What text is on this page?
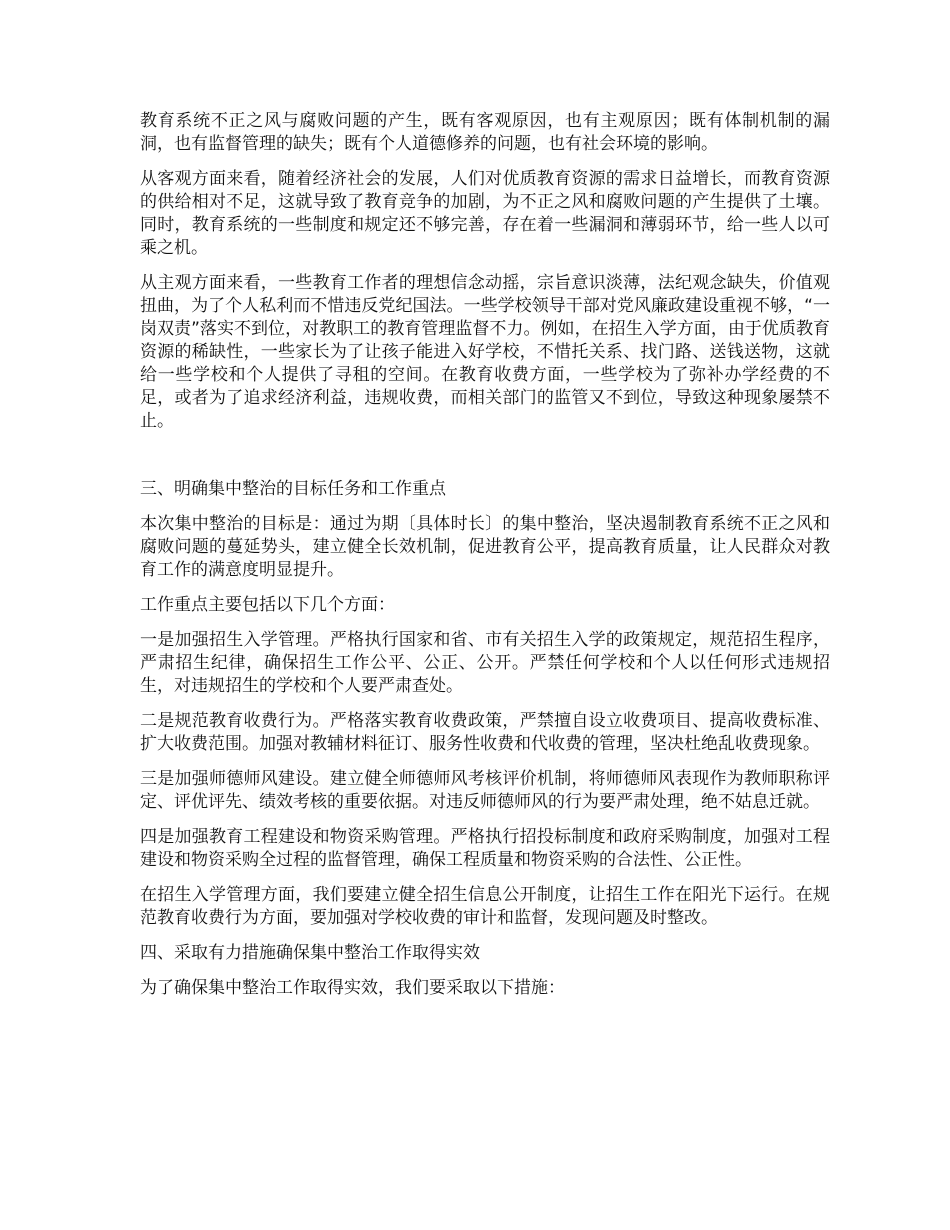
教育系统不正之风与腐败问题的产生，既有客观原因，也有主观原因；既有体制机制的漏洞，也有监督管理的缺失；既有个人道德修养的问题，也有社会环境的影响。

从客观方面来看，随着经济社会的发展，人们对优质教育资源的需求日益增长，而教育资源的供给相对不足，这就导致了教育竞争的加剧，为不正之风和腐败问题的产生提供了土壤。同时，教育系统的一些制度和规定还不够完善，存在着一些漏洞和薄弱环节，给一些人以可乘之机。

从主观方面来看，一些教育工作者的理想信念动摇，宗旨意识淡薄，法纪观念缺失，价值观扭曲，为了个人私利而不惜违反党纪国法。一些学校领导干部对党风廉政建设重视不够，“一岗双责”落实不到位，对教职工的教育管理监督不力。例如，在招生入学方面，由于优质教育资源的稀缺性，一些家长为了让孩子能进入好学校，不惜托关系、找门路、送钱送物，这就给一些学校和个人提供了寻租的空间。在教育收费方面，一些学校为了弥补办学经费的不足，或者为了追求经济利益，违规收费，而相关部门的监管又不到位，导致这种现象屡禁不止。

三、明确集中整治的目标任务和工作重点

本次集中整治的目标是：通过为期〔具体时长〕的集中整治，坚决遏制教育系统不正之风和腐败问题的蔓延势头，建立健全长效机制，促进教育公平，提高教育质量，让人民群众对教育工作的满意度明显提升。

工作重点主要包括以下几个方面：

一是加强招生入学管理。严格执行国家和省、市有关招生入学的政策规定，规范招生程序，严肃招生纪律，确保招生工作公平、公正、公开。严禁任何学校和个人以任何形式违规招生，对违规招生的学校和个人要严肃查处。

二是规范教育收费行为。严格落实教育收费政策，严禁擅自设立收费项目、提高收费标准、扩大收费范围。加强对教辅材料征订、服务性收费和代收费的管理，坚决杜绝乱收费现象。

三是加强师德师风建设。建立健全师德师风考核评价机制，将师德师风表现作为教师职称评定、评优评先、绩效考核的重要依据。对违反师德师风的行为要严肃处理，绝不姑息迁就。

四是加强教育工程建设和物资采购管理。严格执行招投标制度和政府采购制度，加强对工程建设和物资采购全过程的监督管理，确保工程质量和物资采购的合法性、公正性。

在招生入学管理方面，我们要建立健全招生信息公开制度，让招生工作在阳光下运行。在规范教育收费行为方面，要加强对学校收费的审计和监督，发现问题及时整改。

四、采取有力措施确保集中整治工作取得实效

为了确保集中整治工作取得实效，我们要采取以下措施：
